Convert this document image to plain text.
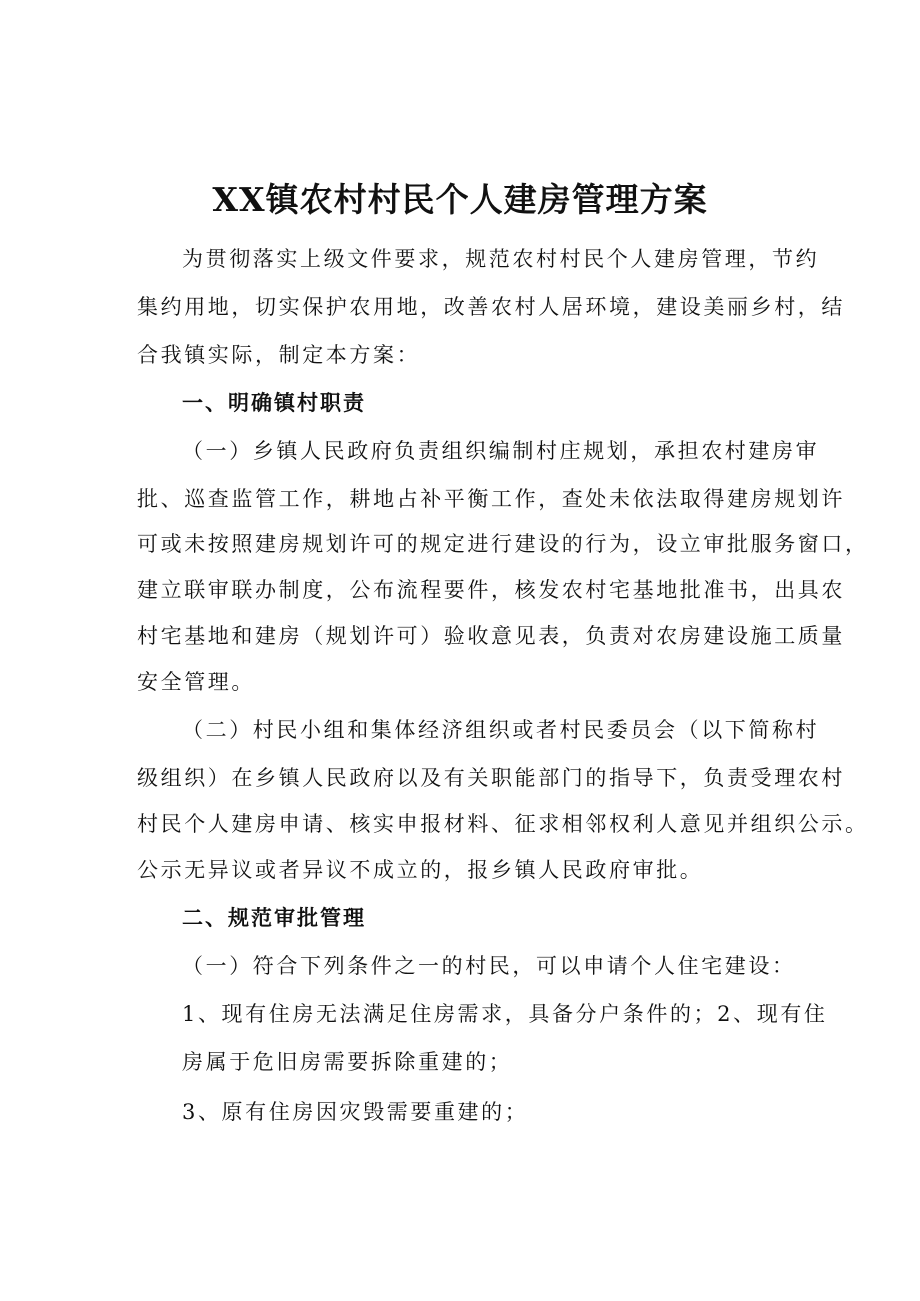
XX镇农村村民个人建房管理方案
为贯彻落实上级文件要求，规范农村村民个人建房管理，节约
集约用地，切实保护农用地，改善农村人居环境，建设美丽乡村，结
合我镇实际，制定本方案：
一、明确镇村职责
（一）乡镇人民政府负责组织编制村庄规划，承担农村建房审
批、巡查监管工作，耕地占补平衡工作，查处未依法取得建房规划许
可或未按照建房规划许可的规定进行建设的行为，设立审批服务窗口，
建立联审联办制度，公布流程要件，核发农村宅基地批准书，出具农
村宅基地和建房（规划许可）验收意见表，负责对农房建设施工质量
安全管理。
（二）村民小组和集体经济组织或者村民委员会（以下简称村
级组织）在乡镇人民政府以及有关职能部门的指导下，负责受理农村
村民个人建房申请、核实申报材料、征求相邻权利人意见并组织公示。
公示无异议或者异议不成立的，报乡镇人民政府审批。
二、规范审批管理
（一）符合下列条件之一的村民，可以申请个人住宅建设：
1、现有住房无法满足住房需求，具备分户条件的；2、现有住
房属于危旧房需要拆除重建的；
3、原有住房因灾毁需要重建的；
